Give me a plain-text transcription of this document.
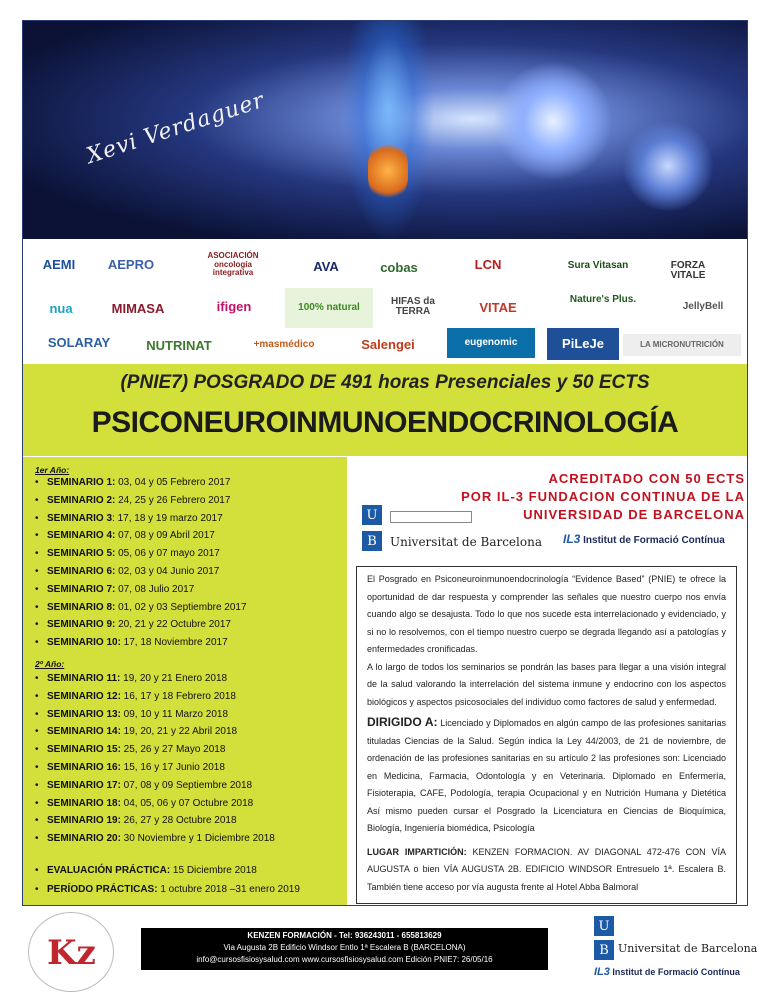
Xevi Verdaguer
AEMI	AEPRO
ASOCIACIÓN oncología integrativa	AVA	cobas	LCN	Sura Vitasan	FORZA VITALE
nua	MIMASA	ifigen	100% natural
HIFAS da TERRA	VITAE
Nature's Plus.
JellyBell
SOLARAY	NUTRINAT	+masmédico	Salengei	eugenomic	PiLeJe	LA MICRONUTRICIÓN
(PNIE7) POSGRADO DE 491 horas Presenciales y 50 ECTS
PSICONEUROINMUNOENDOCRINOLOGÍA
1er Año:
2º Año:
• SEMINARIO 1: 03, 04 y 05 Febrero 2017
• SEMINARIO 2: 24, 25 y 26 Febrero 2017
• SEMINARIO 3: 17, 18 y 19 marzo 2017
• SEMINARIO 4: 07, 08 y 09 Abril 2017
• SEMINARIO 5: 05, 06 y 07 mayo 2017
• SEMINARIO 6: 02, 03 y 04 Junio 2017
• SEMINARIO 7: 07, 08 Julio 2017
• SEMINARIO 8: 01, 02 y 03 Septiembre 2017
• SEMINARIO 9: 20, 21 y 22 Octubre 2017
• SEMINARIO 10: 17, 18 Noviembre 2017
• SEMINARIO 11: 19, 20 y 21 Enero 2018
• SEMINARIO 12: 16, 17 y 18 Febrero 2018
• SEMINARIO 13: 09, 10 y 11 Marzo 2018
• SEMINARIO 14: 19, 20, 21 y 22 Abril 2018
• SEMINARIO 15: 25, 26 y 27 Mayo 2018
• SEMINARIO 16: 15, 16 y 17 Junio 2018
• SEMINARIO 17: 07, 08 y 09 Septiembre 2018
• SEMINARIO 18: 04, 05, 06 y 07 Octubre 2018
• SEMINARIO 19: 26, 27 y 28 Octubre 2018
• SEMINARIO 20: 30 Noviembre y 1 Diciembre 2018
• EVALUACIÓN PRÁCTICA: 15 Diciembre 2018
• PERÍODO PRÁCTICAS: 1 octubre 2018 –31 enero 2019
ACREDITADO CON 50 ECTS
POR IL-3 FUNDACION CONTINUA DE LA
UNIVERSIDAD DE BARCELONA
U
B	Universitat de Barcelona IL3 Institut de Formació Contínua

El Posgrado en Psiconeuroinmunoendocrinología “Evidence Based” (PNIE) te ofrece la oportunidad de dar respuesta y comprender las señales que nuestro cuerpo nos envía cuando algo se desajusta. Todo lo que nos sucede esta interrelacionado y evidenciado, y si no lo resolvemos, con el tiempo nuestro cuerpo se degrada llegando así a patologías y enfermedades cronificadas.

A lo largo de todos los seminarios se pondrán las bases para llegar a una visión integral de la salud valorando la interrelación del sistema inmune y endocrino con los aspectos biológicos y aspectos psicosociales del individuo como factores de salud y enfermedad.

DIRIGIDO A: Licenciado y Diplomados en algún campo de las profesiones sanitarias tituladas Ciencias de la Salud. Según indica la Ley 44/2003, de 21 de noviembre, de ordenación de las profesiones sanitarias en su artículo 2 las profesiones son: Licenciado en Medicina, Farmacia, Odontología y en Veterinaria. Diplomado en Enfermería, Fisioterapia, CAFE, Podología, terapia Ocupacional y en Nutrición Humana y Dietética Así mismo pueden cursar el Posgrado la Licenciatura en Ciencias de Bioquímica, Biología, Ingeniería biomédica, Psicología

LUGAR IMPARTICIÓN: KENZEN FORMACION. AV DIAGONAL 472-476 CON VÍA AUGUSTA o bien VÍA AUGUSTA 2B. EDIFICIO WINDSOR Entresuelo 1ª. Escalera B. También tiene acceso por vía augusta frente al Hotel Abba Balmoral

Kz	KENZEN FORMACIÓN - Tel: 936243011 - 655813629
Via Augusta 2B Edificio Windsor Entlo 1ª Escalera B (BARCELONA)
info@cursosfisiosysalud.com www.cursosfisiosysalud.com Edición PNIE7: 26/05/16
U
B Universitat de Barcelona
IL3 Institut de Formació Contínua
